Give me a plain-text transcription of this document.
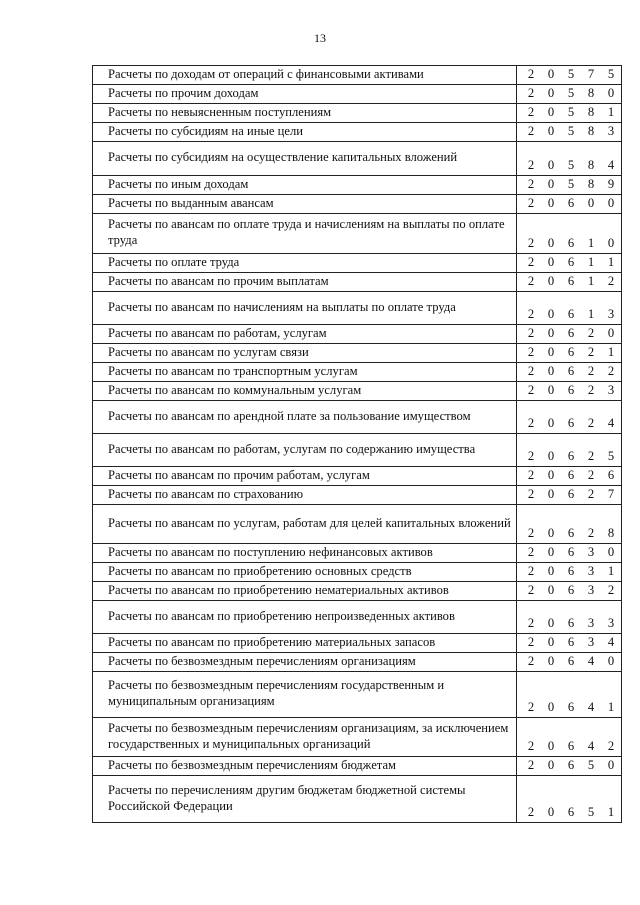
13
Расчеты по доходам от операций с финансовыми активами	2 0 5 7 5

Расчеты по прочим доходам	2 0 5 8 0

Расчеты по невыясненным поступлениям	2 0 5 8 1

Расчеты по субсидиям на иные цели	2 0 5 8 3

Расчеты по субсидиям на осуществление капитальных вложений	2 0 5 8 4

Расчеты по иным доходам	2 0 5 8 9

Расчеты по выданным авансам	2 0 6 0 0

Расчеты по авансам по оплате труда и начислениям на выплаты по оплате труда	2 0 6 1 0

Расчеты по оплате труда	2 0 6 1 1

Расчеты по авансам по прочим выплатам	2 0 6 1 2

Расчеты по авансам по начислениям на выплаты по оплате труда	2 0 6 1 3

Расчеты по авансам по работам, услугам	2 0 6 2 0

Расчеты по авансам по услугам связи	2 0 6 2 1

Расчеты по авансам по транспортным услугам	2 0 6 2 2

Расчеты по авансам по коммунальным услугам	2 0 6 2 3

Расчеты по авансам по арендной плате за пользование имуществом	2 0 6 2 4

Расчеты по авансам по работам, услугам по содержанию имущества	2 0 6 2 5

Расчеты по авансам по прочим работам, услугам	2 0 6 2 6

Расчеты по авансам по страхованию	2 0 6 2 7

Расчеты по авансам по услугам, работам для целей капитальных вложений	2 0 6 2 8

Расчеты по авансам по поступлению нефинансовых активов	2 0 6 3 0

Расчеты по авансам по приобретению основных средств	2 0 6 3 1

Расчеты по авансам по приобретению нематериальных активов	2 0 6 3 2

Расчеты по авансам по приобретению непроизведенных активов	2 0 6 3 3

Расчеты по авансам по приобретению материальных запасов	2 0 6 3 4

Расчеты по безвозмездным перечислениям организациям	2 0 6 4 0

Расчеты по безвозмездным перечислениям государственным и муниципальным организациям	2 0 6 4 1

Расчеты по безвозмездным перечислениям организациям, за исключением государственных и муниципальных организаций	2 0 6 4 2

Расчеты по безвозмездным перечислениям бюджетам	2 0 6 5 0

Расчеты по перечислениям другим бюджетам бюджетной системы Российской Федерации	2 0 6 5 1
